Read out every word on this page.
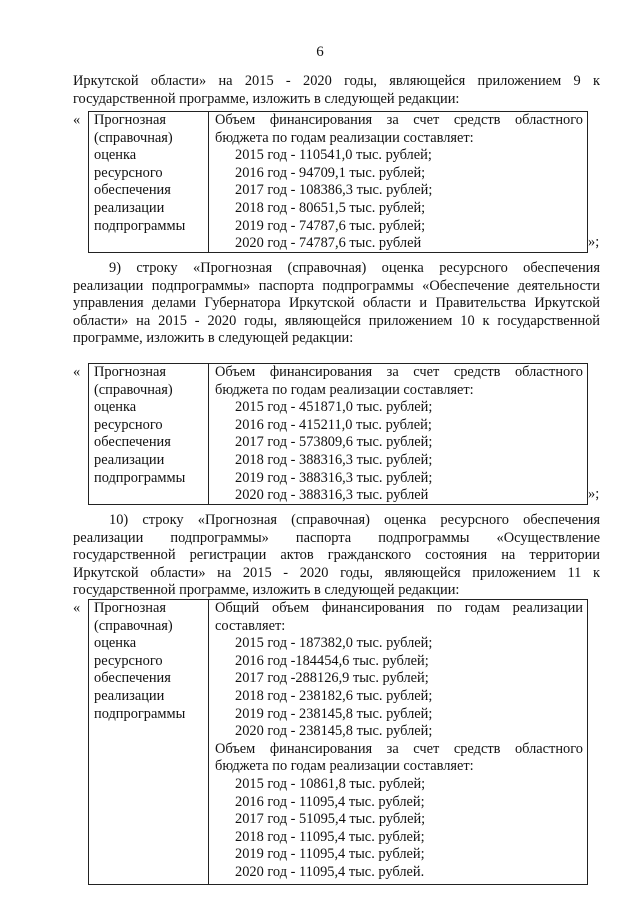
6

Иркутской области» на 2015 - 2020 годы, являющейся приложением 9 к государственной программе, изложить в следующей редакции:

« Прогнозная
(справочная)
оценка
ресурсного
обеспечения
реализации
подпрограммы
Объем финансирования за счет средств областного бюджета по годам реализации составляет:
2015 год - 110541,0 тыс. рублей;
2016 год - 94709,1 тыс. рублей;
2017 год - 108386,3 тыс. рублей;
2018 год - 80651,5 тыс. рублей;
2019 год - 74787,6 тыс. рублей;
2020 год - 74787,6 тыс. рублей	»;

9) строку «Прогнозная (справочная) оценка ресурсного обеспечения реализации подпрограммы» паспорта подпрограммы «Обеспечение деятельности управления делами Губернатора Иркутской области и Правительства Иркутской области» на 2015 - 2020 годы, являющейся приложением 10 к государственной программе, изложить в следующей редакции:

« Прогнозная
(справочная)
оценка
ресурсного
обеспечения
реализации
подпрограммы
Объем финансирования за счет средств областного бюджета по годам реализации составляет:
2015 год - 451871,0 тыс. рублей;
2016 год - 415211,0 тыс. рублей;
2017 год - 573809,6 тыс. рублей;
2018 год - 388316,3 тыс. рублей;
2019 год - 388316,3 тыс. рублей;
2020 год - 388316,3 тыс. рублей	»;

10) строку «Прогнозная (справочная) оценка ресурсного обеспечения реализации подпрограммы» паспорта подпрограммы «Осуществление государственной регистрации актов гражданского состояния на территории Иркутской области» на 2015 - 2020 годы, являющейся приложением 11 к государственной программе, изложить в следующей редакции:

« Прогнозная
(справочная)
оценка
ресурсного
обеспечения
реализации
подпрограммы
Общий объем финансирования по годам реализации составляет:
2015 год - 187382,0 тыс. рублей;
2016 год -184454,6 тыс. рублей;
2017 год -288126,9 тыс. рублей;
2018 год - 238182,6 тыс. рублей;
2019 год - 238145,8 тыс. рублей;
2020 год - 238145,8 тыс. рублей;
Объем финансирования за счет средств областного бюджета по годам реализации составляет:
2015 год - 10861,8 тыс. рублей;
2016 год - 11095,4 тыс. рублей;
2017 год - 51095,4 тыс. рублей;
2018 год - 11095,4 тыс. рублей;
2019 год - 11095,4 тыс. рублей;
2020 год - 11095,4 тыс. рублей.
